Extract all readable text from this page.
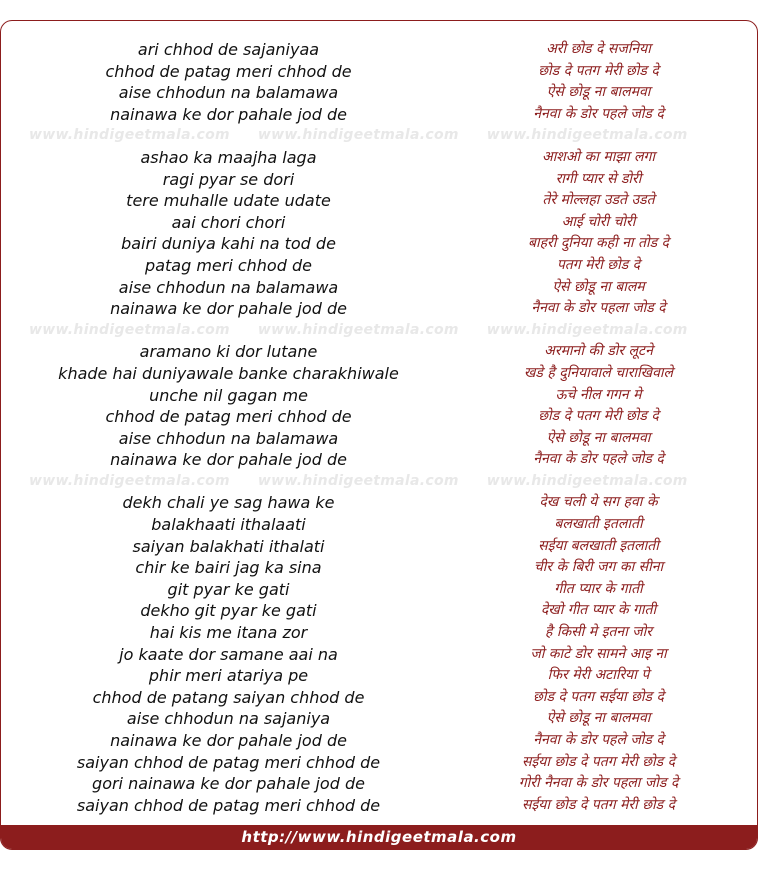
www.hindigeetmala.com www.hindigeetmala.com www.hindigeetmala.com
www.hindigeetmala.com www.hindigeetmala.com www.hindigeetmala.com
www.hindigeetmala.com www.hindigeetmala.com www.hindigeetmala.com
ari chhod de sajaniyaa
chhod de patag meri chhod de
aise chhodun na balamawa
nainawa ke dor pahale jod de
ashao ka maajha laga
ragi pyar se dori
tere muhalle udate udate
aai chori chori
bairi duniya kahi na tod de
patag meri chhod de
aise chhodun na balamawa
nainawa ke dor pahale jod de
aramano ki dor lutane
khade hai duniyawale banke charakhiwale
unche nil gagan me
chhod de patag meri chhod de
aise chhodun na balamawa
nainawa ke dor pahale jod de
dekh chali ye sag hawa ke
balakhaati ithalaati
saiyan balakhati ithalati
chir ke bairi jag ka sina
git pyar ke gati
dekho git pyar ke gati
hai kis me itana zor
jo kaate dor samane aai na
phir meri atariya pe
chhod de patang saiyan chhod de
aise chhodun na sajaniya
nainawa ke dor pahale jod de
saiyan chhod de patag meri chhod de
gori nainawa ke dor pahale jod de
saiyan chhod de patag meri chhod de
अरी छोड दे सजनिया
छोड दे पतग मेरी छोड दे
ऐसे छोडू ना बालमवा
नैनवा के डोर पहले जोड दे
आशओ का माझा लगा
रागी प्यार से डोरी
तेरे मोल्लहा उडते उडते
आई चोरी चोरी
बाहरी दुनिया कही ना तोड दे
पतग मेरी छोड दे
ऐसे छोडू ना बालम
नैनवा के डोर पहला जोड दे
अरमानो की डोर लूटने
खडे है दुनियावाले चाराखिवाले
ऊचे नील गगन मे
छोड दे पतग मेरी छोड दे
ऐसे छोडू ना बालमवा
नैनवा के डोर पहले जोड दे
देख चली ये सग हवा के
बलखाती इतलाती
सईया बलखाती इतलाती
चीर के बिरी जग का सीना
गीत प्यार के गाती
देखो गीत प्यार के गाती
है किसी मे इतना जोर
जो काटे डोर सामने आइ ना
फिर मेरी अटारिया पे
छोड दे पतग सईया छोड दे
ऐसे छोडू ना बालमवा
नैनवा के डोर पहले जोड दे
सईया छोड दे पतग मेरी छोड दे
गोरी नैनवा के डोर पहला जोड दे
सईया छोड दे पतग मेरी छोड दे
http://www.hindigeetmala.com
